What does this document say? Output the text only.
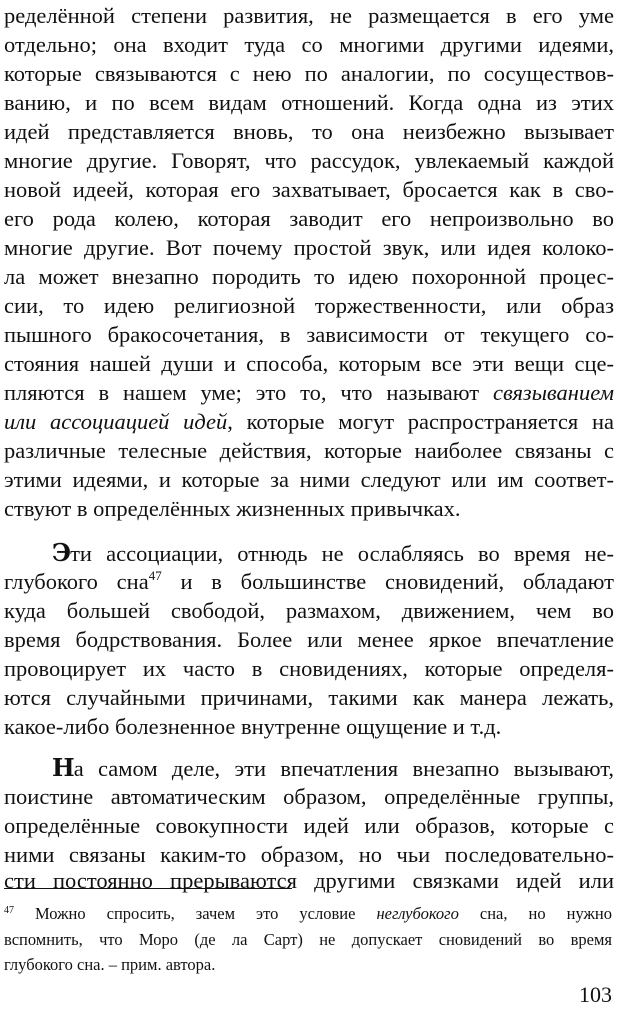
ределённой степени развития, не размещается в его уме
отдельно; она входит туда со многими другими идеями,
которые связываются с нею по аналогии, по сосуществов-
ванию, и по всем видам отношений. Когда одна из этих
идей представляется вновь, то она неизбежно вызывает
многие другие. Говорят, что рассудок, увлекаемый каждой
новой идеей, которая его захватывает, бросается как в сво-
его рода колею, которая заводит его непроизвольно во
многие другие. Вот почему простой звук, или идея колоко-
ла может внезапно породить то идею похоронной процес-
сии, то идею религиозной торжественности, или образ
пышного бракосочетания, в зависимости от текущего со-
стояния нашей души и способа, которым все эти вещи сце-
пляются в нашем уме; это то, что называют связыванием
или ассоциацией идей, которые могут распространяется на
различные телесные действия, которые наиболее связаны с
этими идеями, и которые за ними следуют или им соответ-
ствуют в определённых жизненных привычках.
Эти ассоциации, отнюдь не ослабляясь во время не-
глубокого сна$^{47}$ и в большинстве сновидений, обладают
куда большей свободой, размахом, движением, чем во
время бодрствования. Более или менее яркое впечатление
провоцирует их часто в сновидениях, которые определя-
ются случайными причинами, такими как манера лежать,
какое-либо болезненное внутренне ощущение и т.д.
На самом деле, эти впечатления внезапно вызывают,
поистине автоматическим образом, определённые группы,
определённые совокупности идей или образов, которые с
ними связаны каким-то образом, но чьи последовательно-
сти постоянно прерываются другими связками идей или
$^{47}$ Можно спросить, зачем это условие неглубокого сна, но нужно
вспомнить, что Моро (де ла Сарт) не допускает сновидений во время
глубокого сна. – прим. автора.
103
